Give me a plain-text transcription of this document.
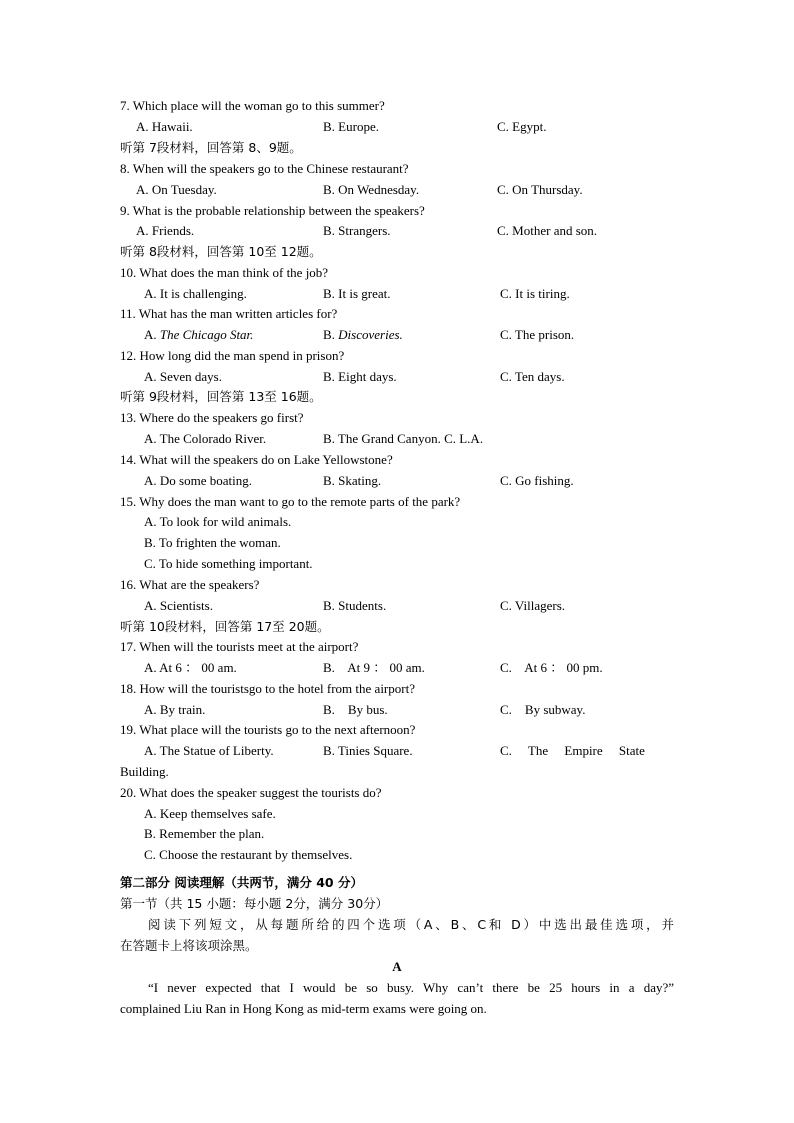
7. Which place will the woman go to this summer?
A. Hawaii.	B. Europe.	C. Egypt.
听第 7段材料，回答第 8、9题。
8. When will the speakers go to the Chinese restaurant?
A. On Tuesday.	B. On Wednesday.	C. On Thursday.
9. What is the probable relationship between the speakers?
A. Friends.	B. Strangers.	C. Mother and son.
听第 8段材料，回答第 10至 12题。
10. What does the man think of the job?
A. It is challenging.	B. It is great.	C. It is tiring.
11. What has the man written articles for?
A. The Chicago Star.	B. Discoveries.	C. The prison.
12. How long did the man spend in prison?
A. Seven days.	B. Eight days.	C. Ten days.
听第 9段材料，回答第 13至 16题。
13. Where do the speakers go first?
A. The Colorado River.	B. The Grand Canyon. C. L.A.
14. What will the speakers do on Lake Yellowstone?
A. Do some boating.	B. Skating.	C. Go fishing.
15. Why does the man want to go to the remote parts of the park?
A. To look for wild animals.
B. To frighten the woman.
C. To hide something important.
16. What are the speakers?
A. Scientists.	B. Students.	C. Villagers.
听第 10段材料，回答第 17至 20题。
17. When will the tourists meet at the airport?
A. At 6 ： 00 am.	B.    At 9 ： 00 am.	C.    At 6 ： 00 pm.
18. How will the touristsgo to the hotel from the airport?
A. By train.	B.    By bus.	C.    By subway.
19. What place will the tourists go to the next afternoon?
A. The Statue of Liberty.	B. Tinies Square.	C.     The     Empire     State
Building.
20. What does the speaker suggest the tourists do?
A. Keep themselves safe.
B. Remember the plan.
C. Choose the restaurant by themselves.
第二部分 阅读理解（共两节，满分 40 分）
第一节（共 15 小题：每小题 2分，满分 30分）
阅读下列短文，从每题所给的四个选项（A、B、C和 D）中选出最佳选项，并
在答题卡上将该项涂黑。
A
“I never expected that I would be so busy. Why can’t there be 25 hours in a day?”
complained Liu Ran in Hong Kong as mid-term exams were going on.
